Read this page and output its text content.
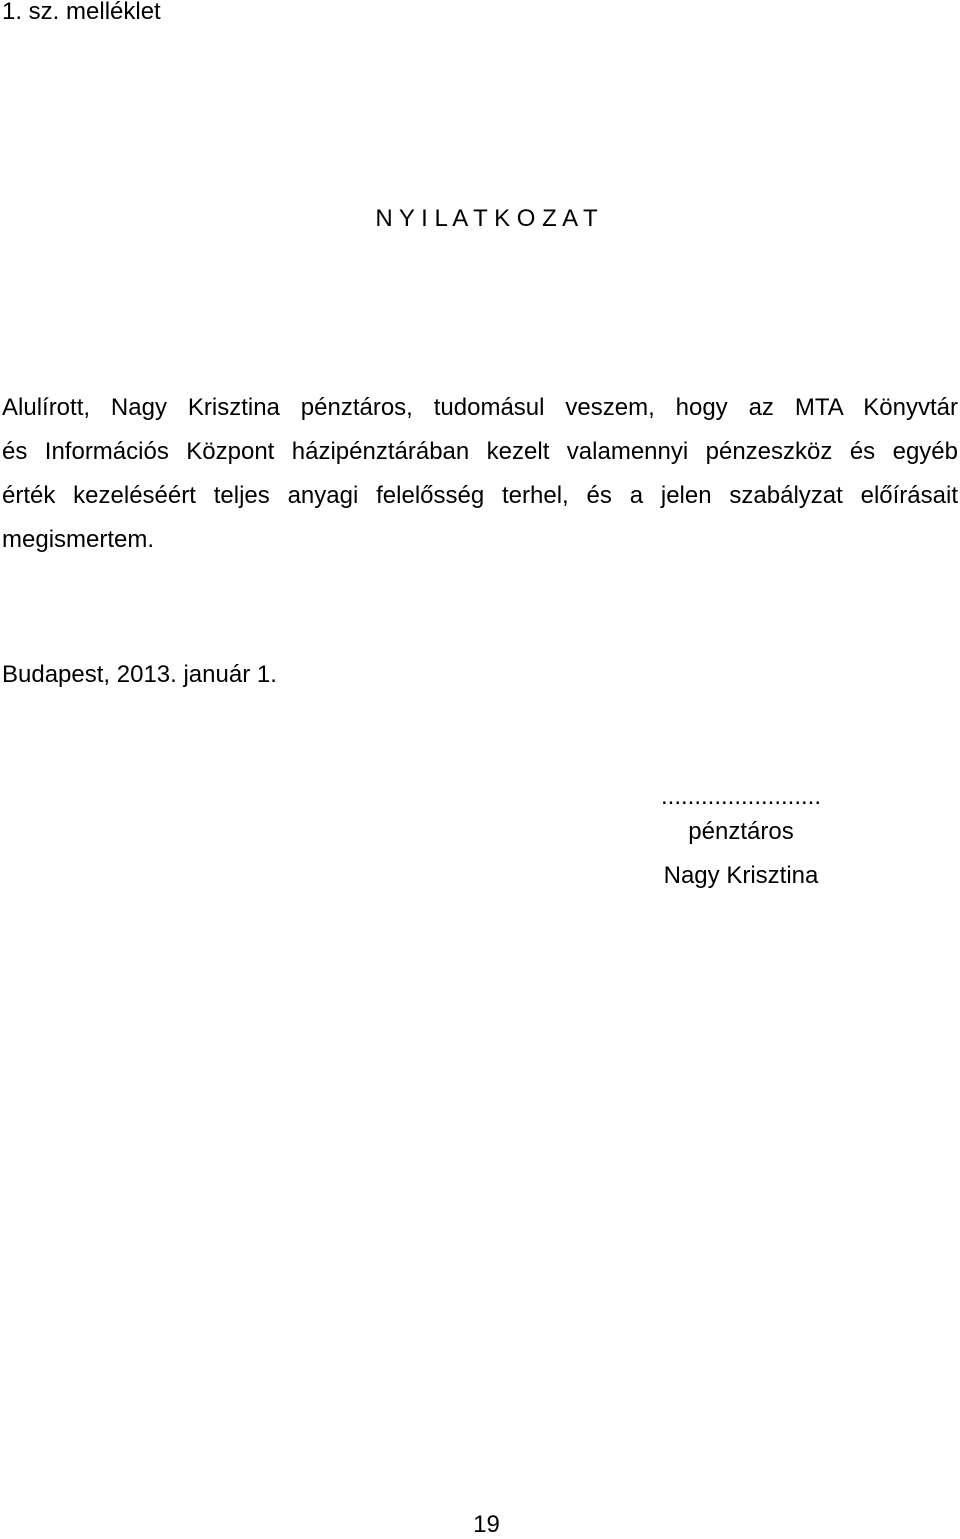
1. sz. melléklet
N Y I L A T K O Z A T
Alulírott, Nagy Krisztina pénztáros, tudomásul veszem, hogy az MTA Könyvtár
és Információs Központ házipénztárában kezelt valamennyi pénzeszköz és egyéb
érték kezeléséért teljes anyagi felelősség terhel, és a jelen szabályzat előírásait
megismertem.
Budapest, 2013. január 1.
........................
pénztáros
Nagy Krisztina
19
